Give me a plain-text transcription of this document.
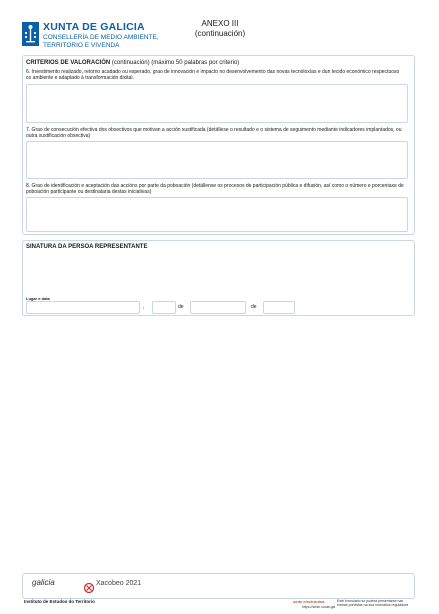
XUNTA DE GALICIA
CONSELLERÍA DE MEDIO AMBIENTE,
TERRITORIO E VIVENDA
ANEXO III
(continuación)
CRITERIOS DE VALORACIÓN (continuación) (máximo 50 palabras por criterio)
6. Investimento realizado, retorno acadado ou esperado, grao de innovación e impacto no desenvolvemento das novas tecnoloxías e dun tecido económico respectuoso co ambiente e adaptado á transformación dixital.
7. Grao de consecución efectiva dos obxectivos que motivan a acción xustificada (detállese o resultado e o sistema de seguimento mediante indicadores implantados, ou outra xustificación obxectiva)
8. Grao de identificación e aceptación das accións por parte da poboación (detállense os procesos de participación pública e difusión, así como o número e porcentaxe de poboación participante ou destinataria destas iniciativas)
SINATURA DA PERSOA REPRESENTANTE
Lugar e data
,	de	de
galicia	Xacobeo 2021
Instituto de Estudos do Territorio	sede electrónica
https://sede.xunta.gal
Este formulario só poderá presentarse nas
formas previstas na súa normativa reguladora
